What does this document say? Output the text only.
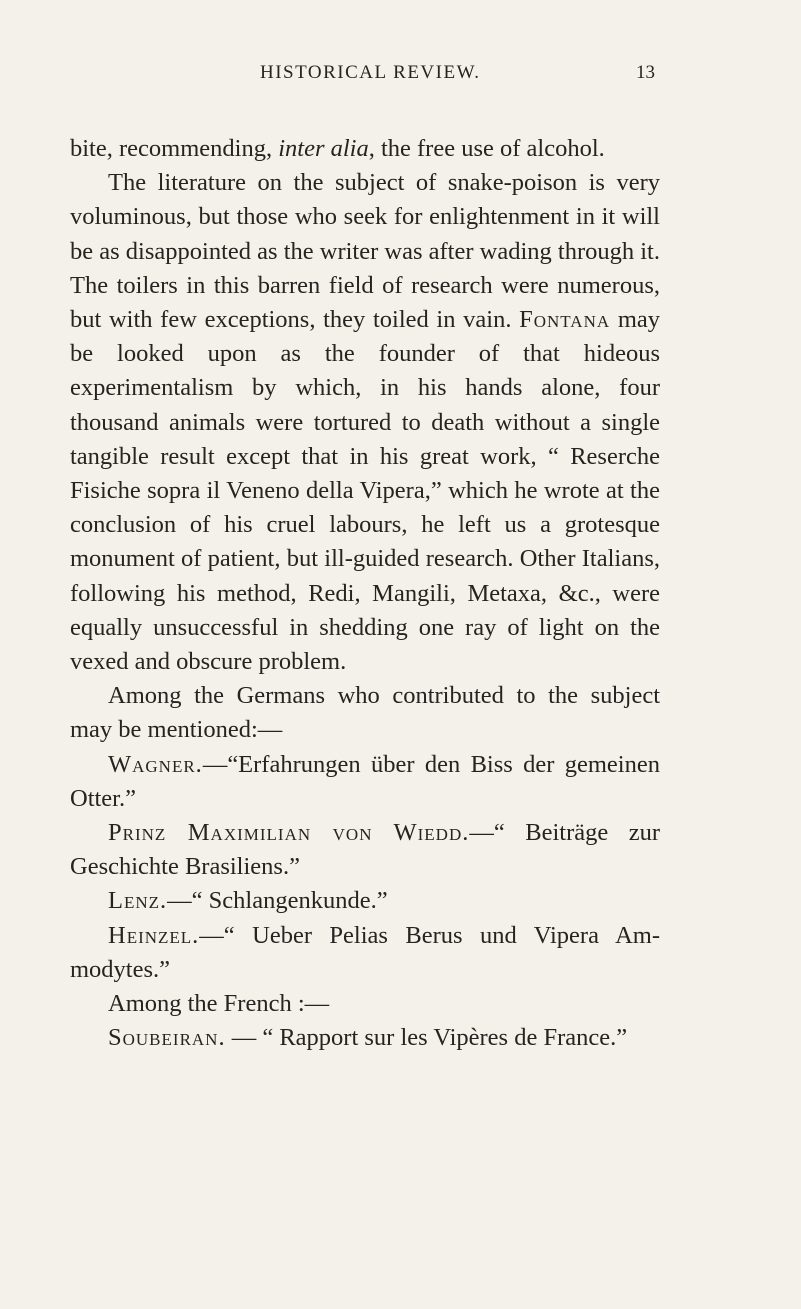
HISTORICAL REVIEW.	13

bite, recommending, inter alia, the free use of alcohol.

The literature on the subject of snake-poison is very voluminous, but those who seek for enlightenment in it will be as disappointed as the writer was after wading through it. The toilers in this barren field of research were numerous, but with few exceptions, they toiled in vain. Fontana may be looked upon as the founder of that hideous experimentalism by which, in his hands alone, four thousand animals were tortured to death without a single tangible result except that in his great work, “ Reserche Fisiche sopra il Veneno della Vipera,” which he wrote at the conclusion of his cruel labours, he left us a grotesque monument of patient, but ill-guided research. Other Italians, following his method, Redi, Mangili, Metaxa, &c., were equally unsuccessful in shedding one ray of light on the vexed and obscure problem.

Among the Germans who contributed to the subject may be mentioned:—

Wagner.—“Erfahrungen über den Biss der gemeinen Otter.”

Prinz Maximilian von Wiedd.—“ Beiträge zur Geschichte Brasiliens.”

Lenz.—“ Schlangenkunde.”

Heinzel.—“ Ueber Pelias Berus und Vipera Ammodytes.”

Among the French :—

Soubeiran. — “ Rapport sur les Vipères de France.”
